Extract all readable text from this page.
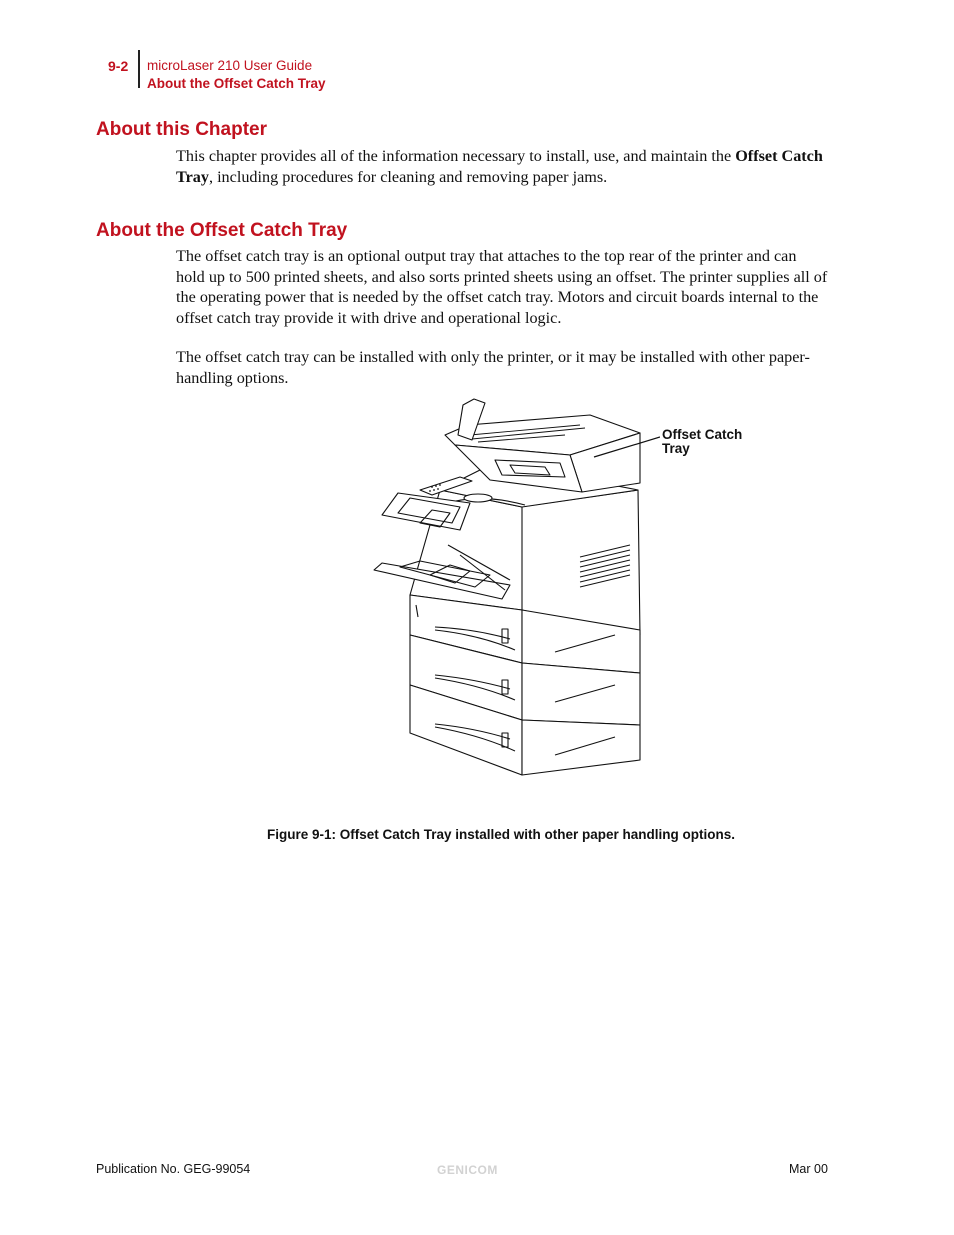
9-2 microLaser 210 User Guide
About the Offset Catch Tray
About this Chapter

This chapter provides all of the information necessary to install, use, and maintain the Offset Catch Tray, including procedures for cleaning and removing paper jams.

About the Offset Catch Tray

The offset catch tray is an optional output tray that attaches to the top rear of the printer and can hold up to 500 printed sheets, and also sorts printed sheets using an offset. The printer supplies all of the operating power that is needed by the offset catch tray. Motors and circuit boards internal to the offset catch tray provide it with drive and operational logic.

The offset catch tray can be installed with only the printer, or it may be installed with other paper-handling options.

Offset Catch
Tray
Figure 9-1: Offset Catch Tray installed with other paper handling options.
Publication No. GEG-99054	GENICOM	Mar 00
